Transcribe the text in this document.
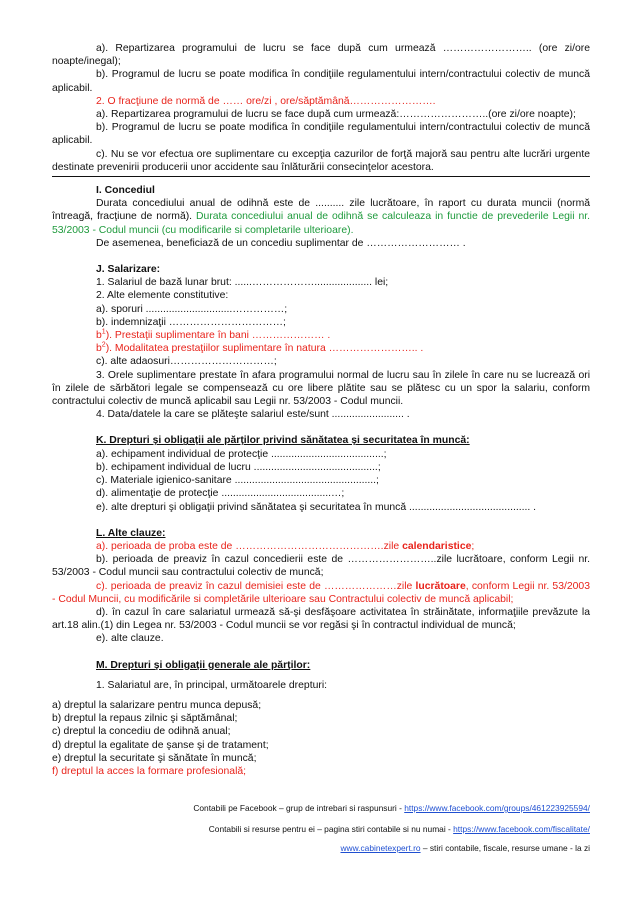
a). Repartizarea programului de lucru se face după cum urmează …………………….. (ore zi/ore noapte/inegal);

b). Programul de lucru se poate modifica în condiţiile regulamentului intern/contractului colectiv de muncă aplicabil.

2. O fracţiune de normă de …… ore/zi , ore/săptămână…………………….

a). Repartizarea programului de lucru se face după cum urmează:……………………..(ore zi/ore noapte);

b). Programul de lucru se poate modifica în condiţiile regulamentului intern/contractului colectiv de muncă aplicabil.

c). Nu se vor efectua ore suplimentare cu excepţia cazurilor de forţă majoră sau pentru alte lucrări urgente destinate prevenirii producerii unor accidente sau înlăturării consecinţelor acestora.

I. Concediul

Durata concediului anual de odihnă este de .......... zile lucrătoare, în raport cu durata muncii (normă întreagă, fracţiune de normă). Durata concediului anual de odihnă se calculeaza in functie de prevederile Legii nr. 53/2003 - Codul muncii (cu modificarile si completarile ulterioare).

De asemenea, beneficiază de un concediu suplimentar de ……………………… .

J. Salarizare:

1. Salariul de bază lunar brut: ......……………….................... lei;

2. Alte elemente constitutive:

a). sporuri ..............................……………;

b). indemnizaţii ……………………………;

$b^1$). Prestaţii suplimentare în bani ………………… .

$b^2$). Modalitatea prestaţiilor suplimentare în natura …………………….. .

c). alte adaosuri…………………………;

3. Orele suplimentare prestate în afara programului normal de lucru sau în zilele în care nu se lucrează ori în zilele de sărbători legale se compensează cu ore libere plătite sau se plătesc cu un spor la salariu, conform contractului colectiv de muncă aplicabil sau Legii nr. 53/2003 - Codul muncii.

4. Data/datele la care se plăteşte salariul este/sunt ......................... .

K. Drepturi şi obligaţii ale părţilor privind sănătatea şi securitatea în muncă:

a). echipament individual de protecţie .......................................;

b). echipament individual de lucru ...........................................;

c). Materiale igienico-sanitare .................................................;

d). alimentaţie de protecţie ......................................…;

e). alte drepturi şi obligaţii privind sănătatea şi securitatea în muncă .......................................... .

L. Alte clauze:

a). perioada de proba este de …………………………………….zile calendaristice;

b). perioada de preaviz în cazul concedierii este de ……………………..zile lucrătoare, conform Legii nr. 53/2003 - Codul muncii sau contractului colectiv de muncă;

c). perioada de preaviz în cazul demisiei este de …………………zile lucrătoare, conform Legii nr. 53/2003 - Codul Muncii, cu modificările si completările ulterioare sau Contractului colectiv de muncă aplicabil;

d). în cazul în care salariatul urmează să-şi desfăşoare activitatea în străinătate, informaţiile prevăzute la art.18 alin.(1) din Legea nr. 53/2003 - Codul muncii se vor regăsi şi în contractul individual de muncă;

e). alte clauze.

M. Drepturi şi obligaţii generale ale părţilor:

1. Salariatul are, în principal, următoarele drepturi:

a) dreptul la salarizare pentru munca depusă;

b) dreptul la repaus zilnic şi săptămânal;

c) dreptul la concediu de odihnă anual;

d) dreptul la egalitate de şanse şi de tratament;

e) dreptul la securitate şi sănătate în muncă;

f) dreptul la acces la formare profesională;

Contabili pe Facebook – grup de intrebari si raspunsuri - https://www.facebook.com/groups/461223925594/
Contabili si resurse pentru ei – pagina stiri contabile si nu numai - https://www.facebook.com/fiscalitate/
www.cabinetexpert.ro – stiri contabile, fiscale, resurse umane - la zi
